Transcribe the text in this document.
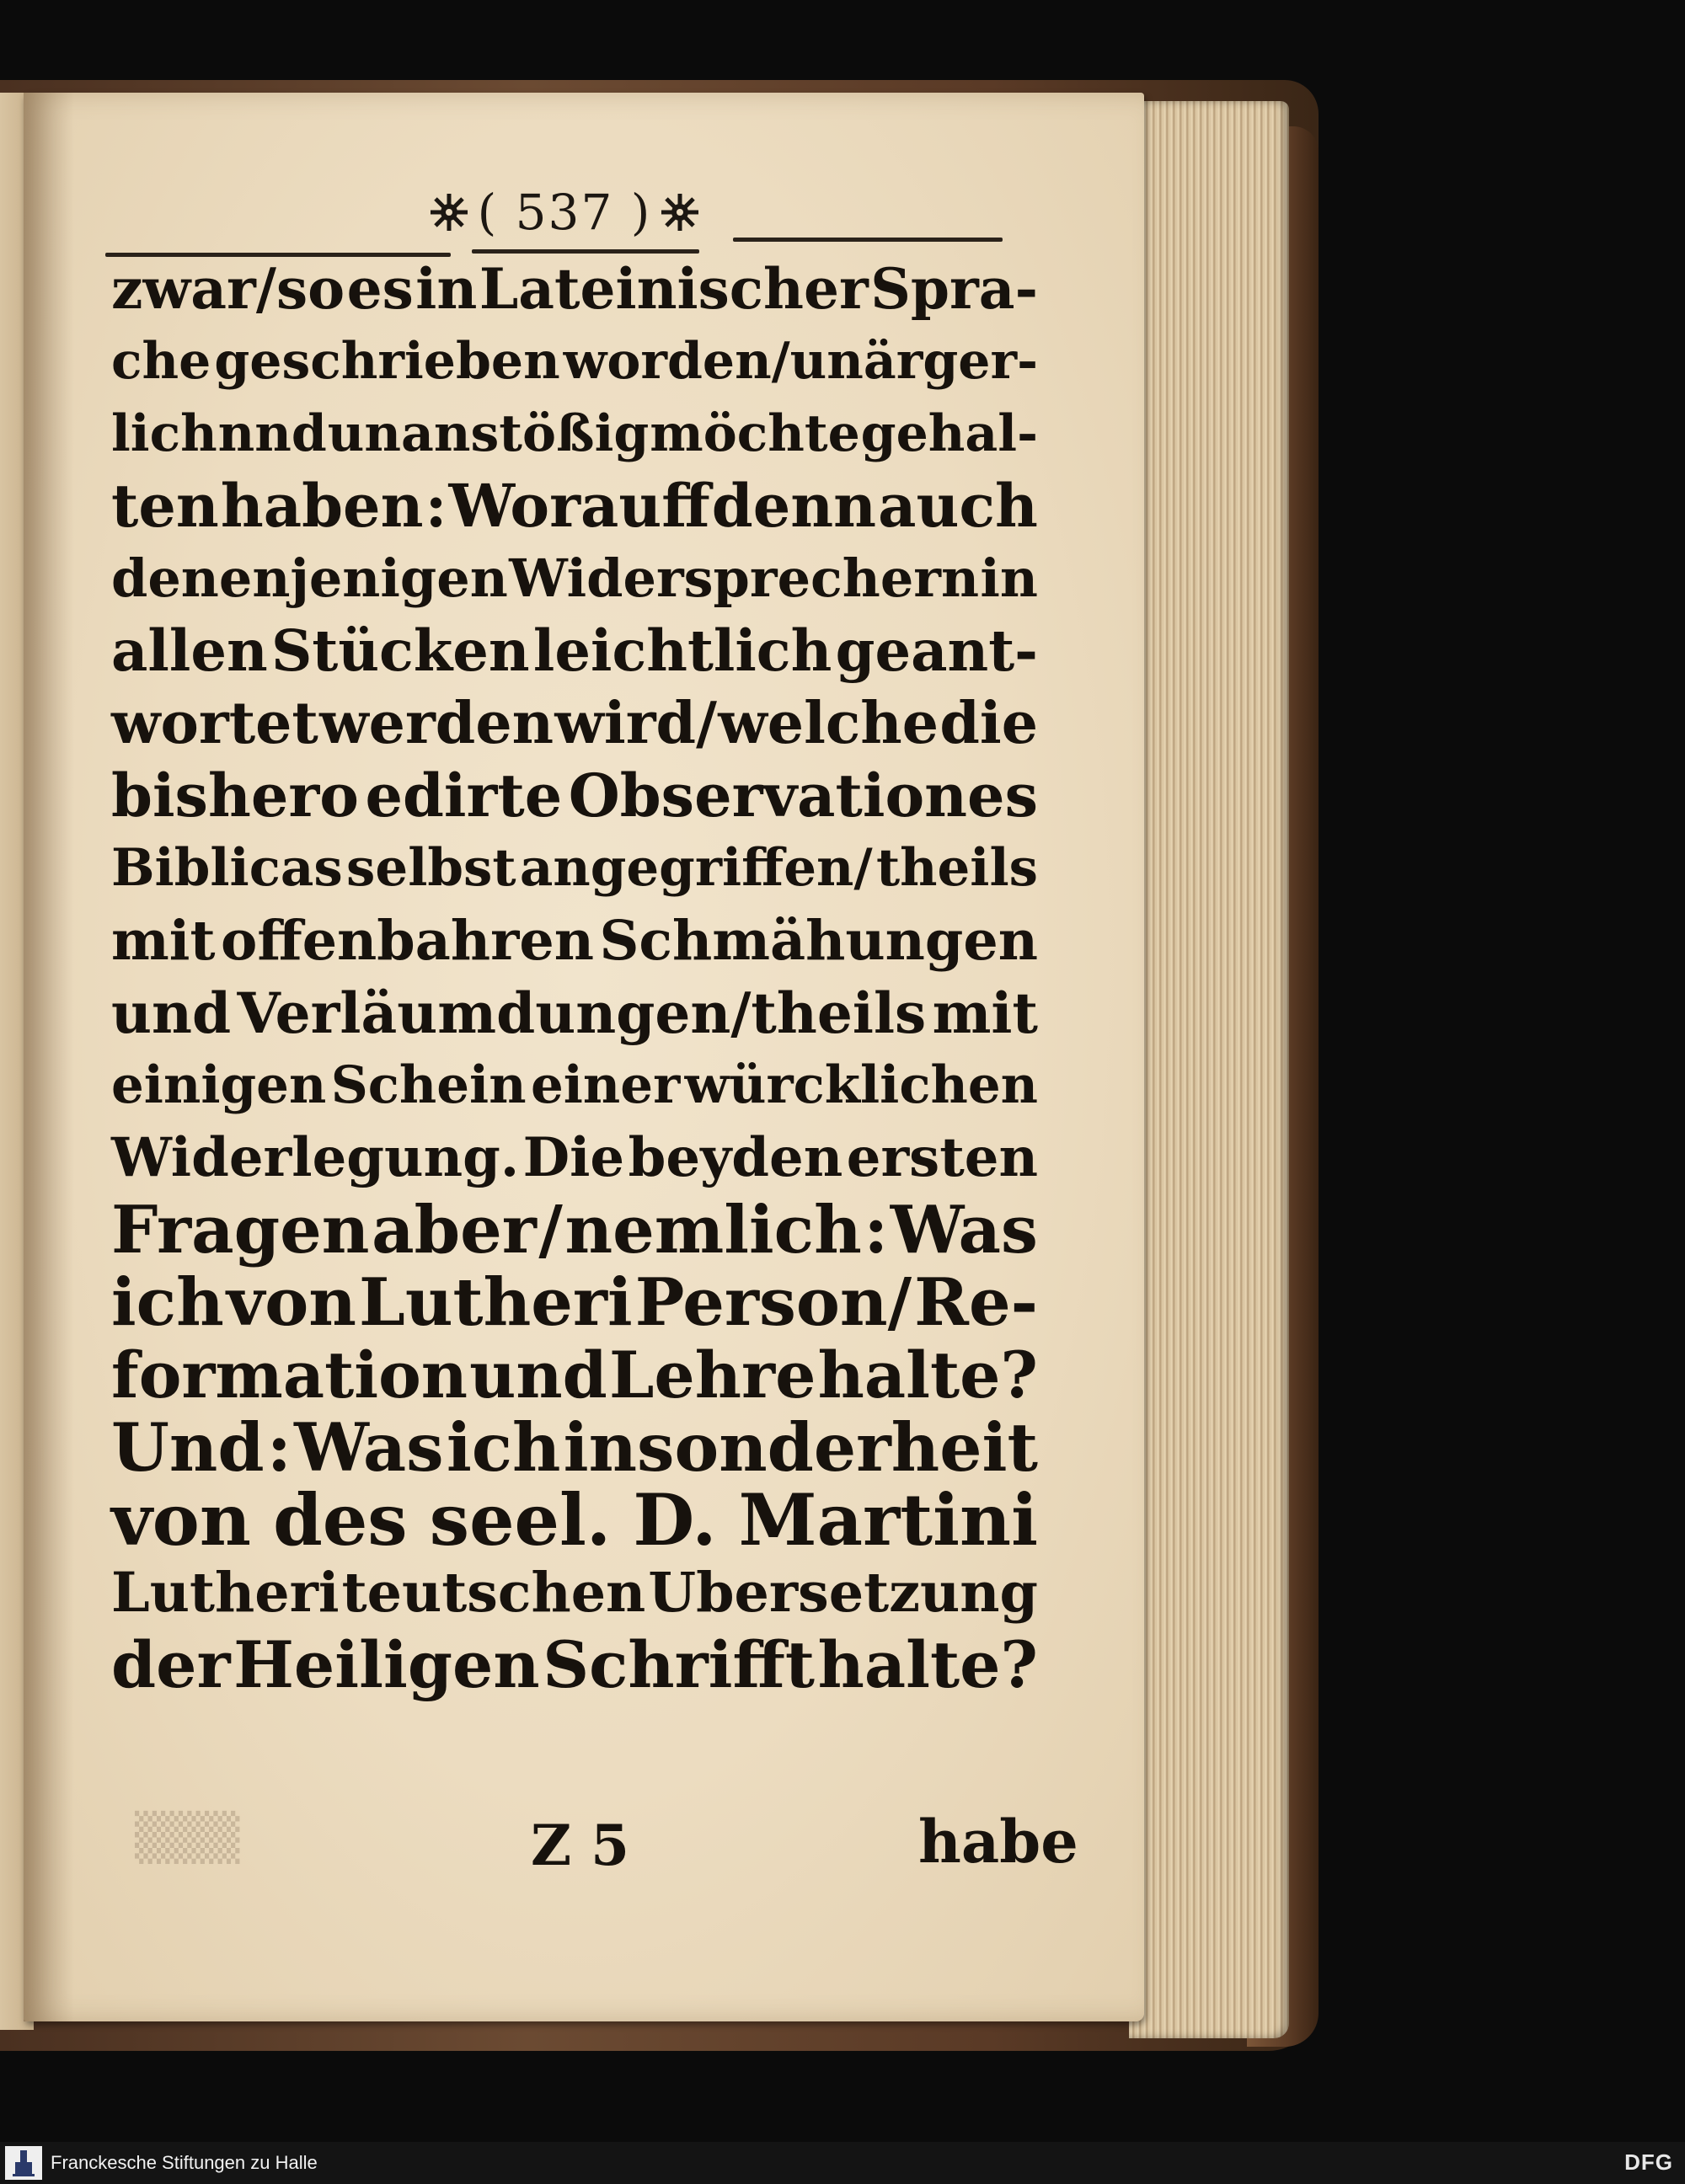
( 537 )
zwar/so es in Lateinischer Spra-
che geschrieben worden/unärger-
lich nnd unanstößig möchte gehal-
ten haben : Worauff denn auch
denenjenigen Widersprechern in
allen Stücken leichtlich geant-
wortet werden wird/ welche die
bishero edirte Observationes
Biblicas selbst angegriffen/ theils
mit offenbahren Schmähungen
und Verläumdungen/theils mit
einigen Schein einer würcklichen
Widerlegung. Die beyden ersten
Fragen aber / nemlich : Was
ich von Lutheri Person/ Re-
formation und Lehre halte?
Und : Was ich insonderheit
von des seel. D. Martini
Lutheri teutschen Ubersetzung
der Heiligen Schrifft halte?
▒▒▒	Z 5	habe
Franckesche Stiftungen zu Halle	DFG
